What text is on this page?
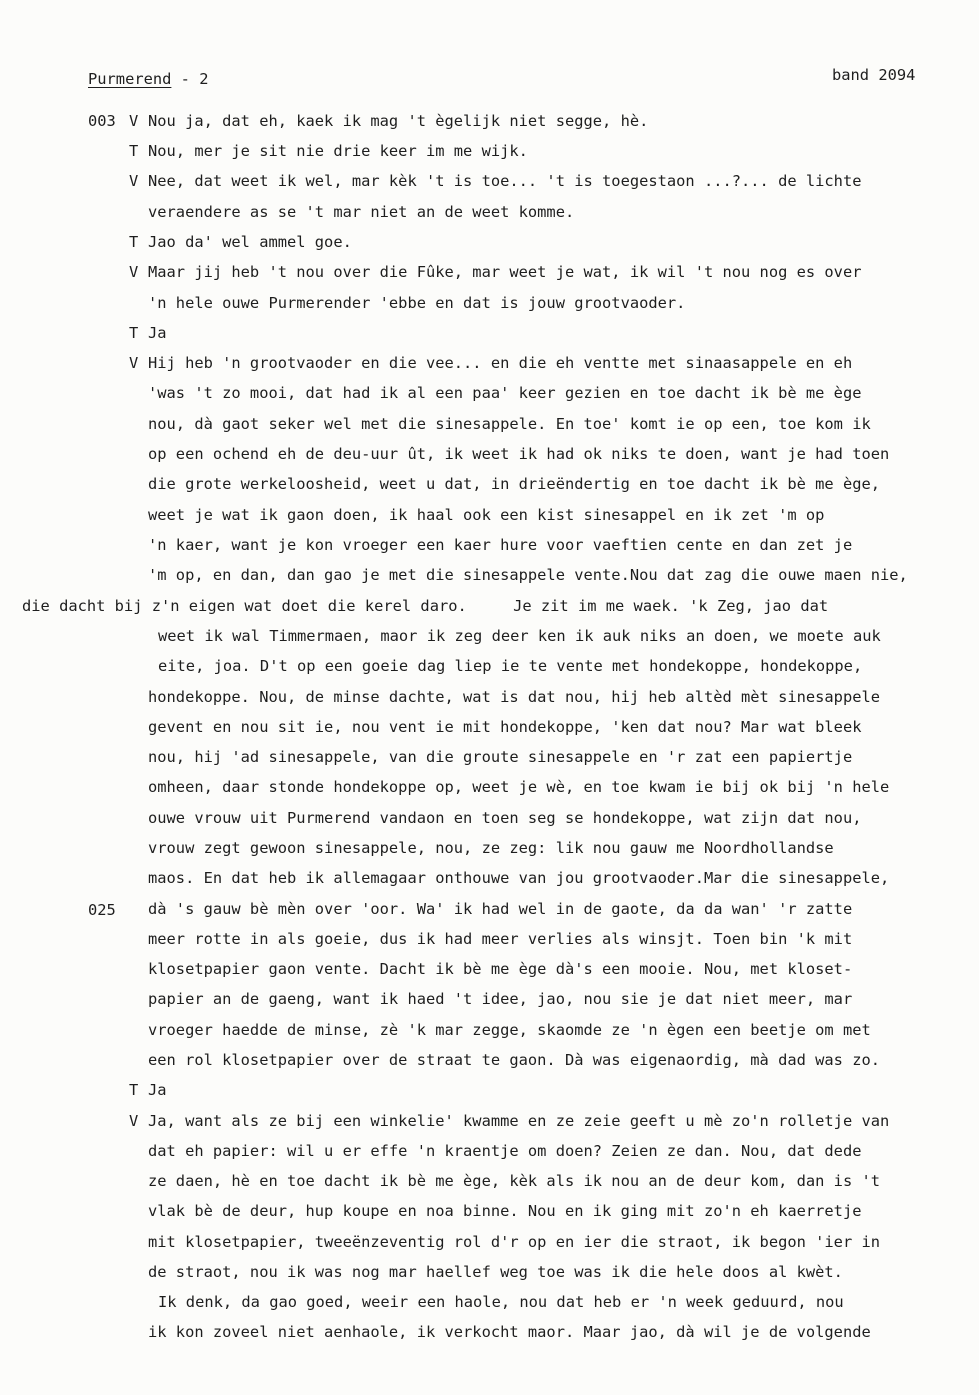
Purmerend - 2	band 2094
003
025
V
T
V
T
V
T
V
T
V
Nou ja, dat eh, kaek ik mag 't ègelijk niet segge, hè.
Nou, mer je sit nie drie keer im me wijk.
Nee, dat weet ik wel, mar kèk 't is toe... 't is toegestaon ...?... de lichte
veraendere as se 't mar niet an de weet komme.
Jao da' wel ammel goe.
Maar jij heb 't nou over die Fûke, mar weet je wat, ik wil 't nou nog es over
'n hele ouwe Purmerender 'ebbe en dat is jouw grootvaoder.
Ja
Hij heb 'n grootvaoder en die vee... en die eh ventte met sinaasappele en eh
'was 't zo mooi, dat had ik al een paa' keer gezien en toe dacht ik bè me ège
nou, dà gaot seker wel met die sinesappele. En toe' komt ie op een, toe kom ik
op een ochend eh de deu-uur ût, ik weet ik had ok niks te doen, want je had toen
die grote werkeloosheid, weet u dat, in drieëndertig en toe dacht ik bè me ège,
weet je wat ik gaon doen, ik haal ook een kist sinesappel en ik zet 'm op
'n kaer, want je kon vroeger een kaer hure voor vaeftien cente en dan zet je
'm op, en dan, dan gao je met die sinesappele vente.Nou dat zag die ouwe maen nie,
die dacht bij z'n eigen wat doet die kerel daro.     Je zit im me waek. 'k Zeg, jao dat
weet ik wal Timmermaen, maor ik zeg deer ken ik auk niks an doen, we moete auk
eite, joa. D't op een goeie dag liep ie te vente met hondekoppe, hondekoppe,
hondekoppe. Nou, de minse dachte, wat is dat nou, hij heb altèd mèt sinesappele
gevent en nou sit ie, nou vent ie mit hondekoppe, 'ken dat nou? Mar wat bleek
nou, hij 'ad sinesappele, van die groute sinesappele en 'r zat een papiertje
omheen, daar stonde hondekoppe op, weet je wè, en toe kwam ie bij ok bij 'n hele
ouwe vrouw uit Purmerend vandaon en toen seg se hondekoppe, wat zijn dat nou,
vrouw zegt gewoon sinesappele, nou, ze zeg: lik nou gauw me Noordhollandse
maos. En dat heb ik allemagaar onthouwe van jou grootvaoder.Mar die sinesappele,
dà 's gauw bè mèn over 'oor. Wa' ik had wel in de gaote, da da wan' 'r zatte
meer rotte in als goeie, dus ik had meer verlies als winsjt. Toen bin 'k mit
klosetpapier gaon vente. Dacht ik bè me ège dà's een mooie. Nou, met kloset-
papier an de gaeng, want ik haed 't idee, jao, nou sie je dat niet meer, mar
vroeger haedde de minse, zè 'k mar zegge, skaomde ze 'n ègen een beetje om met
een rol klosetpapier over de straat te gaon. Dà was eigenaordig, mà dad was zo.
Ja
Ja, want als ze bij een winkelie' kwamme en ze zeie geeft u mè zo'n rolletje van
dat eh papier: wil u er effe 'n kraentje om doen? Zeien ze dan. Nou, dat dede
ze daen, hè en toe dacht ik bè me ège, kèk als ik nou an de deur kom, dan is 't
vlak bè de deur, hup koupe en noa binne. Nou en ik ging mit zo'n eh kaerretje
mit klosetpapier, tweeënzeventig rol d'r op en ier die straot, ik begon 'ier in
de straot, nou ik was nog mar haellef weg toe was ik die hele doos al kwèt.
Ik denk, da gao goed, weeir een haole, nou dat heb er 'n week geduurd, nou
ik kon zoveel niet aenhaole, ik verkocht maor. Maar jao, dà wil je de volgende
